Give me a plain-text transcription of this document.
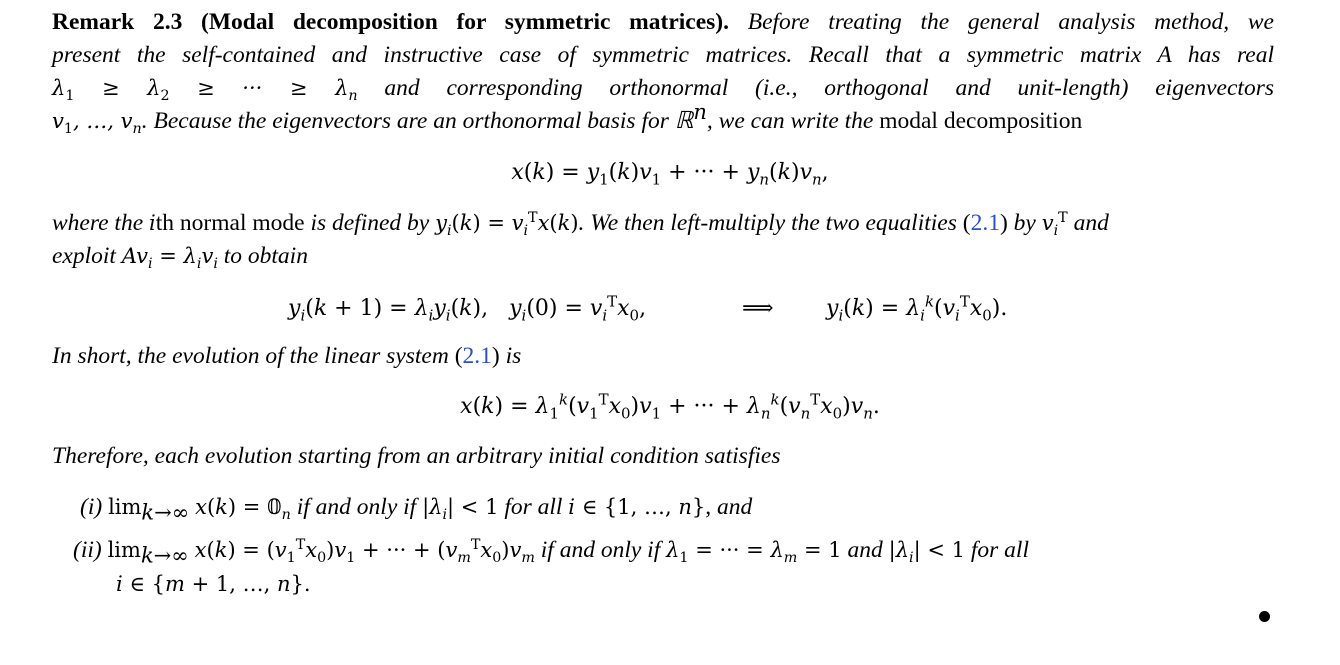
Remark 2.3 (Modal decomposition for symmetric matrices). Before treating the general analysis method, we
present the self-contained and instructive case of symmetric matrices. Recall that a symmetric matrix A has real
$\lambda_1 \ge \lambda_2$ ≥ ··· ≥ $\lambda_n$ and corresponding orthonormal (i.e., orthogonal and unit-length) eigenvectors
$v_1$, …, $v_n$. Because the eigenvectors are an orthonormal basis for ℝ$^n$, we can write the modal decomposition
$x(k) = y_1(k)v_1$ + ··· + $y_n(k)v_n$,
where the ith normal mode is defined by $y_i(k) = v_i^Tx(k)$. We then left-multiply the two equalities (2.1) by $v_i^T$ and
exploit $Av_i = \lambda_iv_i$ to obtain
$y_i(k + 1) = \lambda_iy_i(k)$,   $y_i(0) = v_i^Tx_0$,	⟹ $y_i(k) = \lambda_i^k(v_i^Tx_0)$.
In short, the evolution of the linear system (2.1) is
$x(k) = \lambda_1^k(v_1^Tx_0)v_1$ + ··· + $\lambda_n^k(v_n^Tx_0)v_n$.
Therefore, each evolution starting from an arbitrary initial condition satisfies
(i) $\lim_{k\to\infty} x(k)$ = $𝟘_n$ if and only if $|\lambda_i| < 1$ for all i ∈ {1, …, n}, and
(ii) $\lim_{k\to\infty} x(k) = (v_1^Tx_0)v_1$ + ··· + $(v_m^Tx_0)v_m$ if and only if $\lambda_1$ = ··· = $\lambda_m = 1$ and $|\lambda_i| < 1$ for all
i ∈ {m + 1, …, n}.
